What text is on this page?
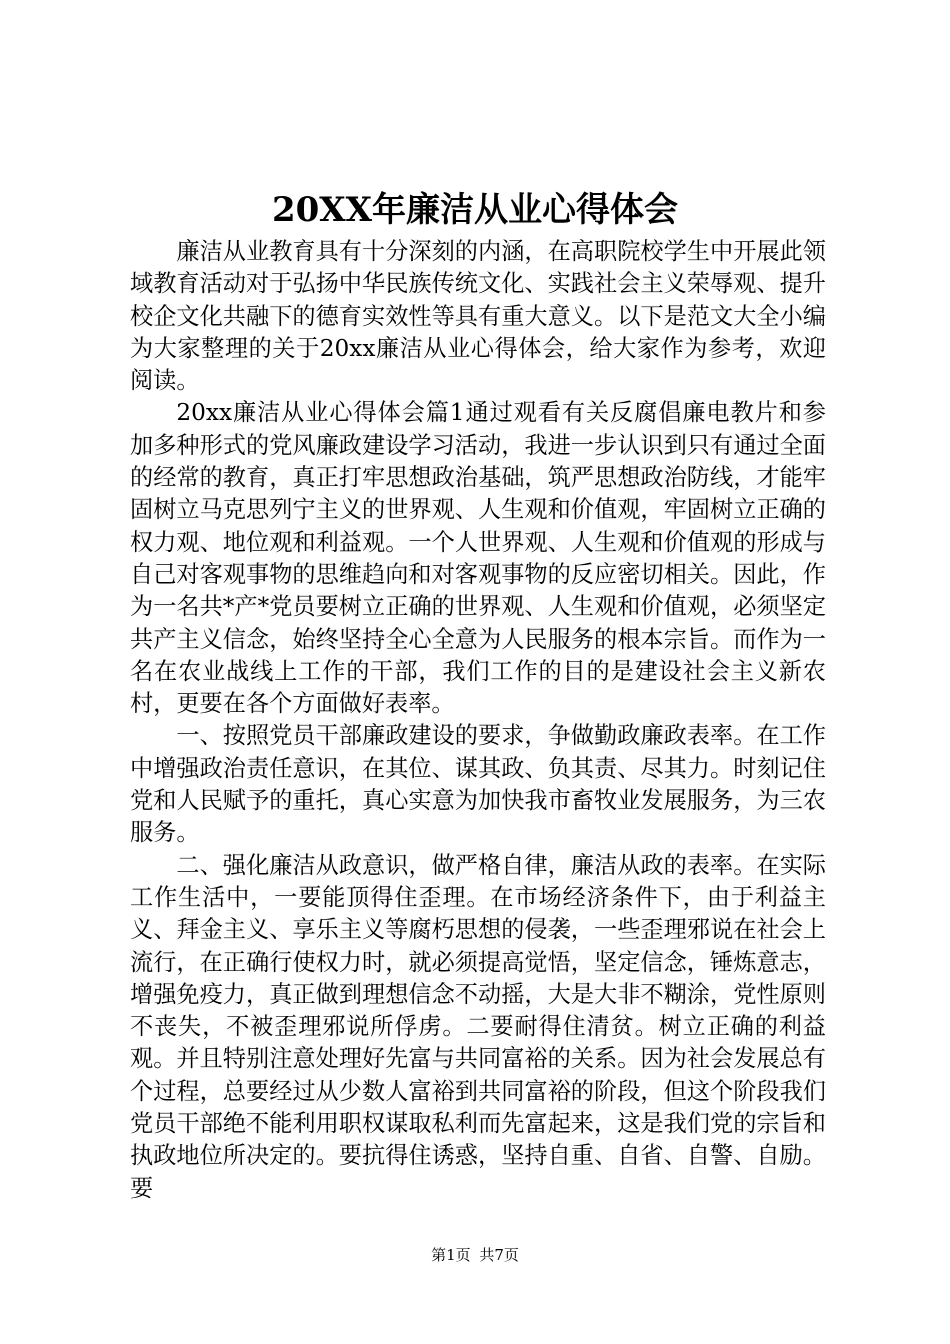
20XX年廉洁从业心得体会

廉洁从业教育具有十分深刻的内涵，在高职院校学生中开展此领域教育活动对于弘扬中华民族传统文化、实践社会主义荣辱观、提升校企文化共融下的德育实效性等具有重大意义。以下是范文大全小编为大家整理的关于20xx廉洁从业心得体会，给大家作为参考，欢迎阅读。

20xx廉洁从业心得体会篇1通过观看有关反腐倡廉电教片和参加多种形式的党风廉政建设学习活动，我进一步认识到只有通过全面的经常的教育，真正打牢思想政治基础，筑严思想政治防线，才能牢固树立马克思列宁主义的世界观、人生观和价值观，牢固树立正确的权力观、地位观和利益观。一个人世界观、人生观和价值观的形成与自己对客观事物的思维趋向和对客观事物的反应密切相关。因此，作为一名共*产*党员要树立正确的世界观、人生观和价值观，必须坚定共产主义信念，始终坚持全心全意为人民服务的根本宗旨。而作为一名在农业战线上工作的干部，我们工作的目的是建设社会主义新农村，更要在各个方面做好表率。

一、按照党员干部廉政建设的要求，争做勤政廉政表率。在工作中增强政治责任意识，在其位、谋其政、负其责、尽其力。时刻记住党和人民赋予的重托，真心实意为加快我市畜牧业发展服务，为三农服务。

二、强化廉洁从政意识，做严格自律，廉洁从政的表率。在实际工作生活中，一要能顶得住歪理。在市场经济条件下，由于利益主义、拜金主义、享乐主义等腐朽思想的侵袭，一些歪理邪说在社会上流行，在正确行使权力时，就必须提高觉悟，坚定信念，锤炼意志，增强免疫力，真正做到理想信念不动摇，大是大非不糊涂，党性原则不丧失，不被歪理邪说所俘虏。二要耐得住清贫。树立正确的利益观。并且特别注意处理好先富与共同富裕的关系。因为社会发展总有个过程，总要经过从少数人富裕到共同富裕的阶段，但这个阶段我们党员干部绝不能利用职权谋取私利而先富起来，这是我们党的宗旨和执政地位所决定的。要抗得住诱惑，坚持自重、自省、自警、自励。要

第1页 共7页
